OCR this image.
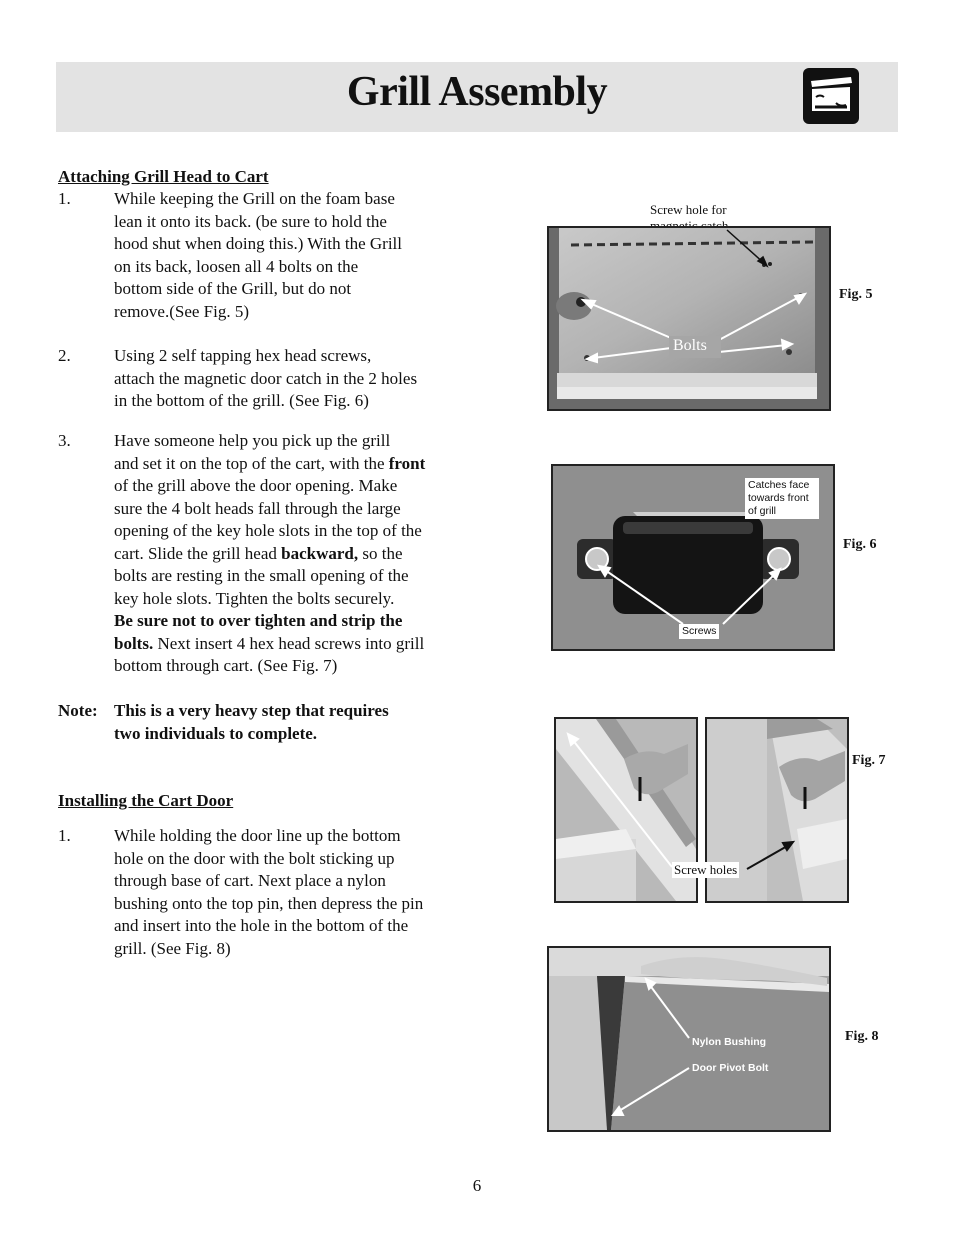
Grill Assembly
Attaching Grill Head to Cart
1.	While keeping the Grill on the foam base
lean it onto its back. (be sure to hold the
hood shut when doing this.) With the Grill
on its back, loosen all 4 bolts on the
bottom side of the Grill, but do not
remove.(See Fig. 5)
2.	Using 2 self tapping hex head screws,
attach the magnetic door catch in the 2 holes
in the bottom of the grill. (See Fig. 6)
3.	Have someone help you pick up the grill
and set it on the top of the cart, with the front
of the grill above the door opening. Make
sure the 4 bolt heads fall through the large
opening of the key hole slots in the top of the
cart. Slide the grill head backward, so the
bolts are resting in the small opening of the
key hole slots. Tighten the bolts securely.
Be sure not to over tighten and strip the
bolts. Next insert 4 hex head screws into grill
bottom through cart. (See Fig. 7)
Note: This is a very heavy step that requires
two individuals to complete.
Installing the Cart Door
1.	While holding the door line up the bottom
hole on the door with the bolt sticking up
through base of cart. Next place a nylon
bushing onto the top pin, then depress the pin
and insert into the hole in the bottom of the
grill. (See Fig. 8)
Screw hole for
Bolts
Fig. 5
Catches face
towards front
of grill
Screws
Fig. 6
Screw holes
Fig. 7
Nylon Bushing
Door Pivot Bolt
Fig. 8
6
